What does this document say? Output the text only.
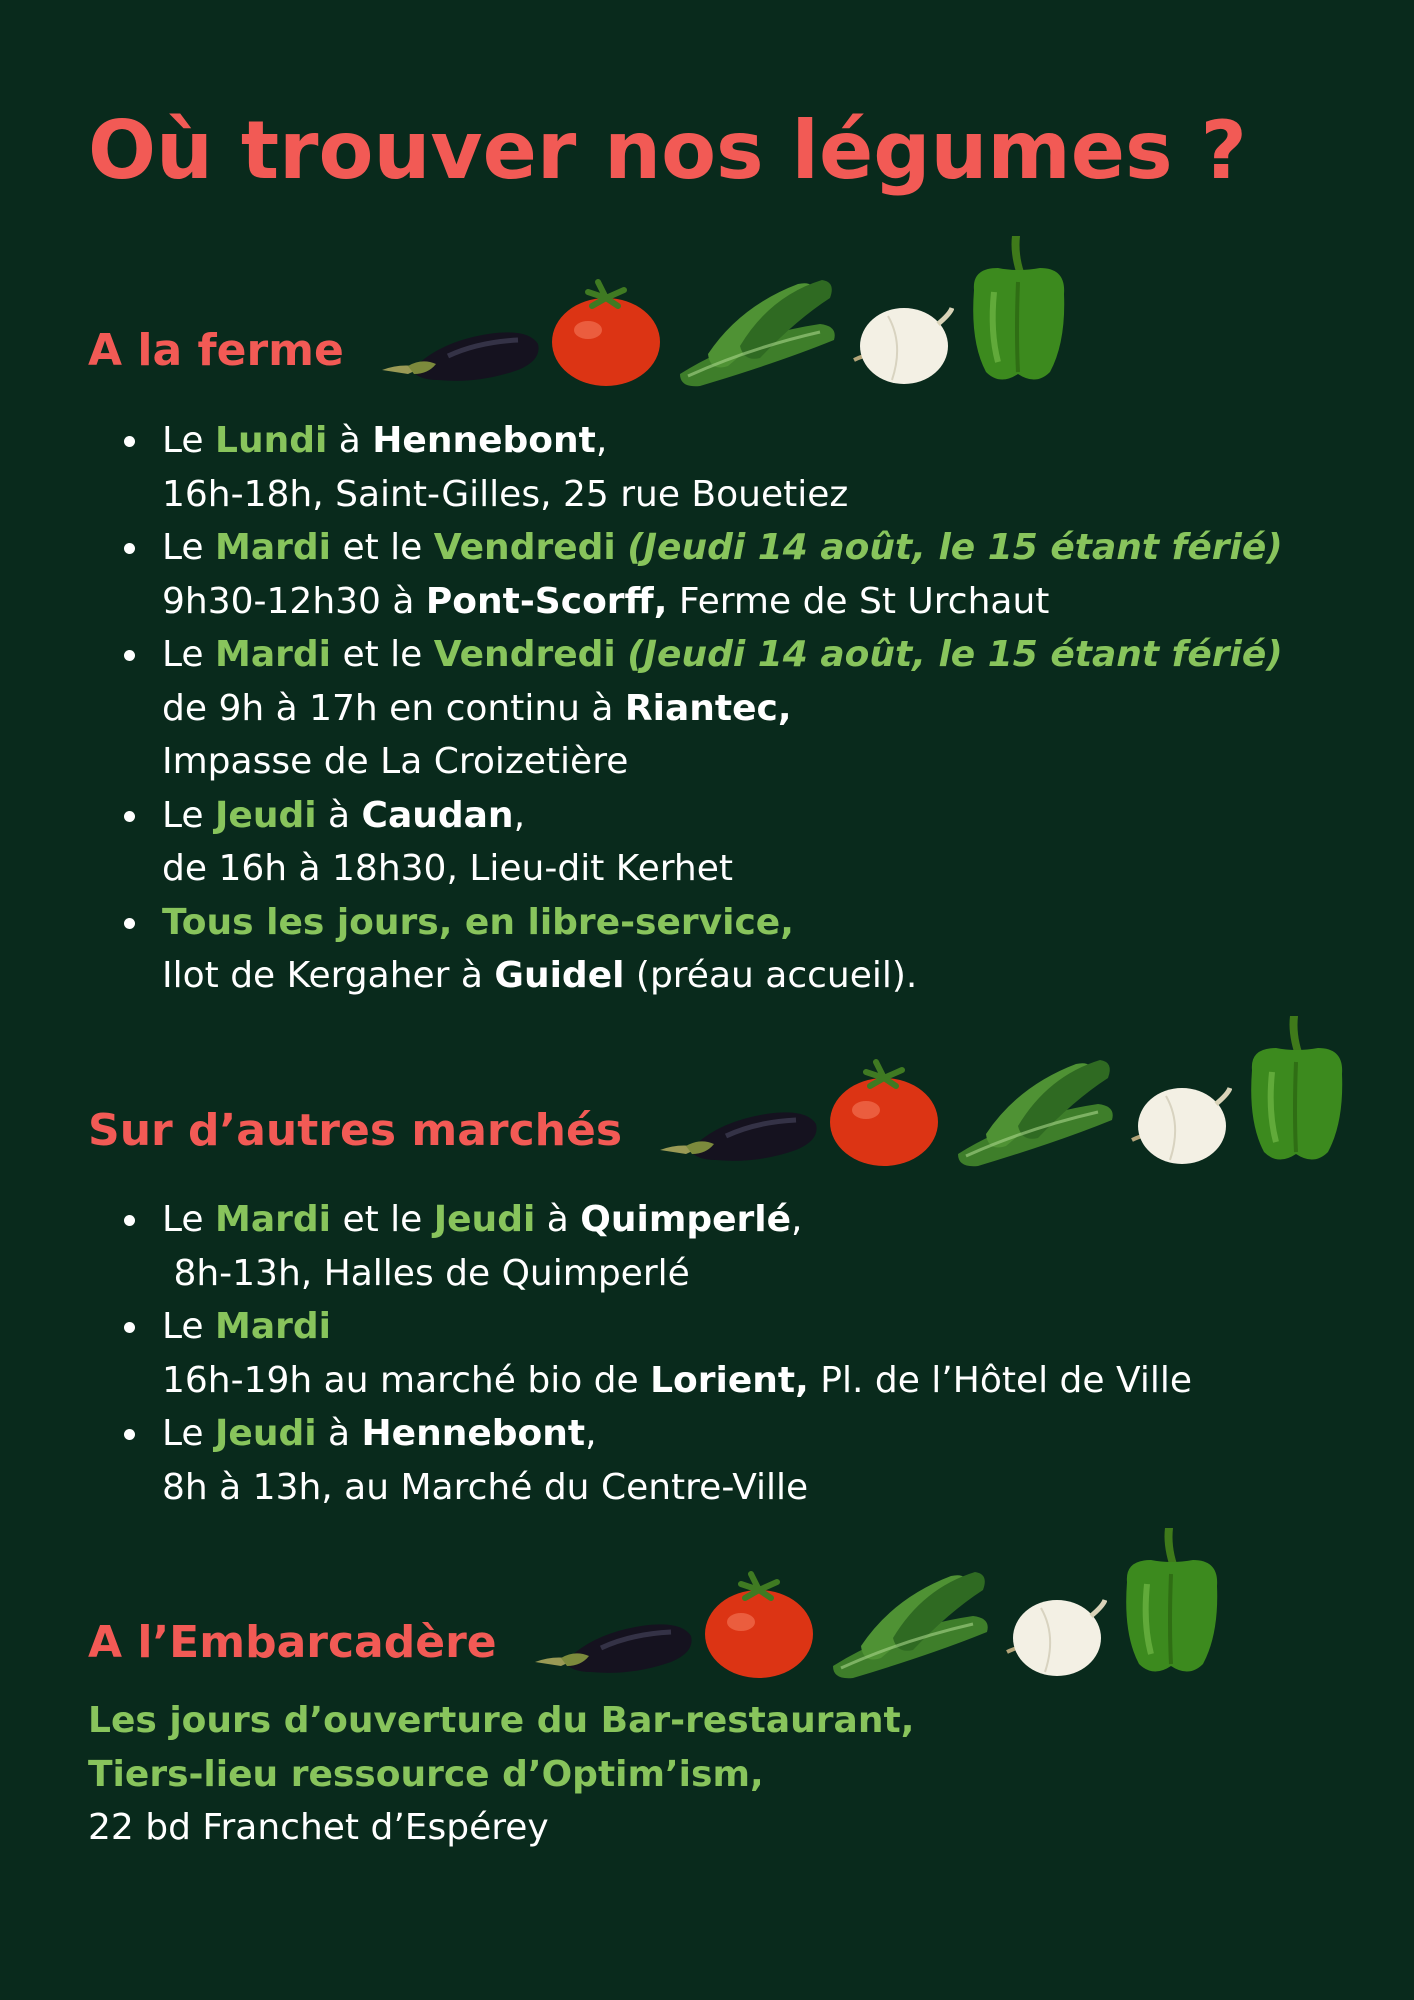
Où trouver nos légumes ?
A la ferme
Le Lundi à Hennebont,
16h-18h, Saint-Gilles, 25 rue Bouetiez
Le Mardi et le Vendredi (Jeudi 14 août, le 15 étant férié)
9h30-12h30 à Pont-Scorff, Ferme de St Urchaut
Le Mardi et le Vendredi (Jeudi 14 août, le 15 étant férié)
de 9h à 17h en continu à Riantec,
Impasse de La Croizetière
Le Jeudi à Caudan,
de 16h à 18h30, Lieu-dit Kerhet
Tous les jours, en libre-service,
Ilot de Kergaher à Guidel (préau accueil).
Sur d’autres marchés
Le Mardi et le Jeudi à Quimperlé,
8h-13h, Halles de Quimperlé
Le Mardi
16h-19h au marché bio de Lorient, Pl. de l’Hôtel de Ville
Le Jeudi à Hennebont,
8h à 13h, au Marché du Centre-Ville
A l’Embarcadère
Les jours d’ouverture du Bar-restaurant,
Tiers-lieu ressource d’Optim’ism,
22 bd Franchet d’Espérey
